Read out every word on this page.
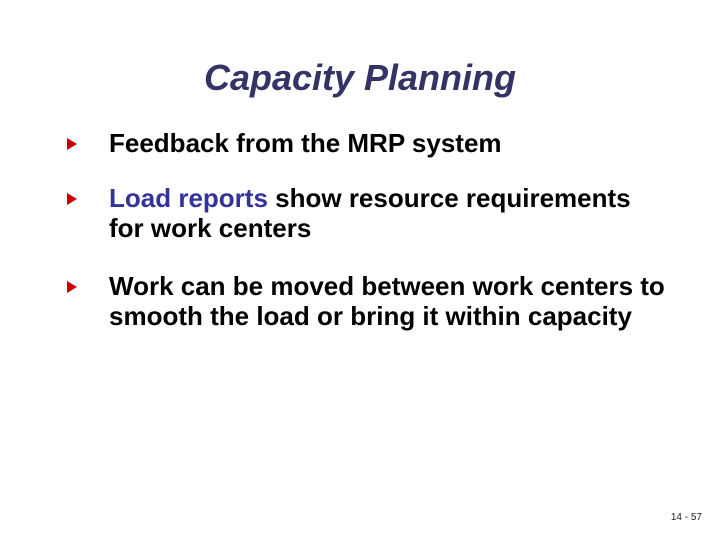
Capacity Planning
Feedback from the MRP system
Load reports show resource requirements for work centers
Work can be moved between work centers to smooth the load or bring it within capacity

14 - 57
